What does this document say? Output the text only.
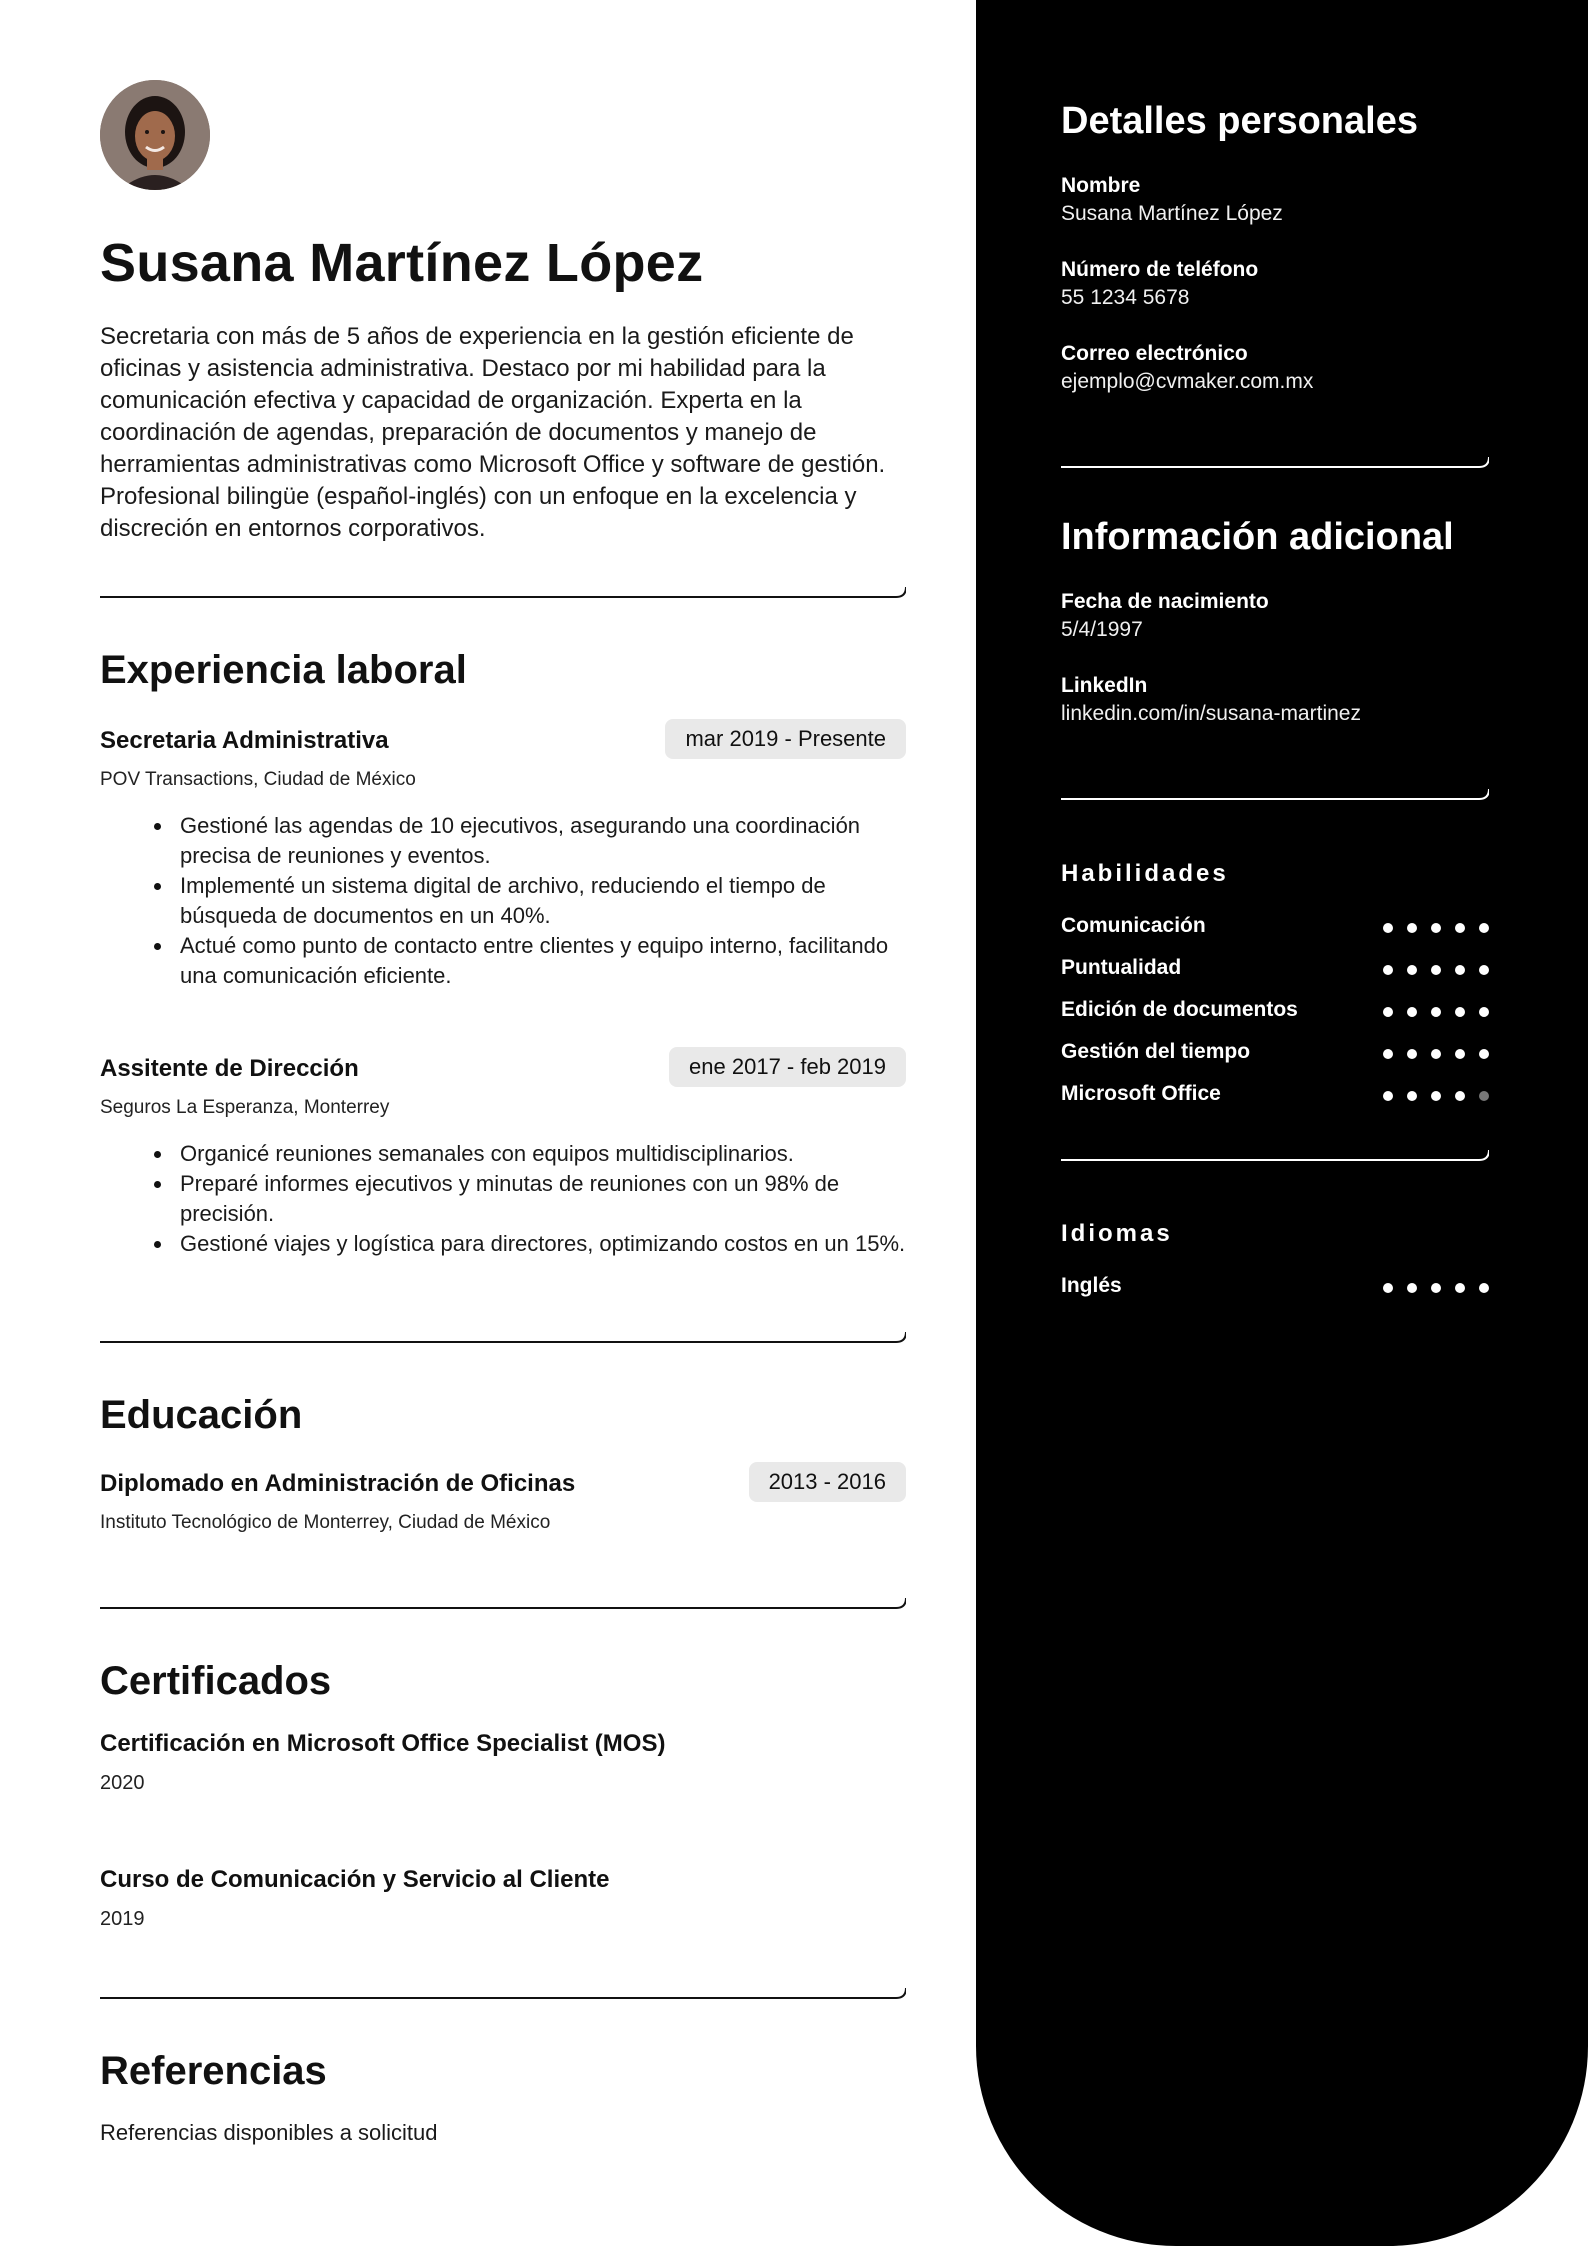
Susana Martínez López

Secretaria con más de 5 años de experiencia en la gestión eficiente de oficinas y asistencia administrativa. Destaco por mi habilidad para la comunicación efectiva y capacidad de organización. Experta en la coordinación de agendas, preparación de documentos y manejo de herramientas administrativas como Microsoft Office y software de gestión. Profesional bilingüe (español-inglés) con un enfoque en la excelencia y discreción en entornos corporativos.

Experiencia laboral
Secretaria Administrativa	mar 2019 - Presente
POV Transactions, Ciudad de México
Gestioné las agendas de 10 ejecutivos, asegurando una coordinación precisa de reuniones y eventos.
Implementé un sistema digital de archivo, reduciendo el tiempo de búsqueda de documentos en un 40%.
Actué como punto de contacto entre clientes y equipo interno, facilitando una comunicación eficiente.
Assitente de Dirección	ene 2017 - feb 2019
Seguros La Esperanza, Monterrey
Organicé reuniones semanales con equipos multidisciplinarios.
Preparé informes ejecutivos y minutas de reuniones con un 98% de precisión.
Gestioné viajes y logística para directores, optimizando costos en un 15%.
Educación
Diplomado en Administración de Oficinas	2013 - 2016
Instituto Tecnológico de Monterrey, Ciudad de México
Certificados
Certificación en Microsoft Office Specialist (MOS)
2020
Curso de Comunicación y Servicio al Cliente
2019
Referencias
Referencias disponibles a solicitud
Detalles personales
Nombre
Susana Martínez López
Número de teléfono
55 1234 5678
Correo electrónico
ejemplo@cvmaker.com.mx
Información adicional
Fecha de nacimiento
5/4/1997
LinkedIn
linkedin.com/in/susana-martinez
Habilidades
Comunicación
Puntualidad
Edición de documentos
Gestión del tiempo
Microsoft Office
Idiomas
Inglés
